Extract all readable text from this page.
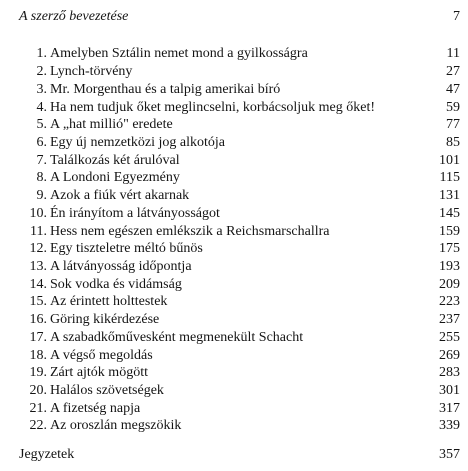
A szerző bevezetése	7
1. Amelyben Sztálin nemet mond a gyilkosságra	11
2. Lynch-törvény	27
3. Mr. Morgenthau és a talpig amerikai bíró	47
4. Ha nem tudjuk őket meglincselni, korbácsoljuk meg őket!	59
5. A „hat millió" eredete	77
6. Egy új nemzetközi jog alkotója	85
7. Találkozás két árulóval	101
8. A Londoni Egyezmény	115
9. Azok a fiúk vért akarnak	131
10. Én irányítom a látványosságot	145
11. Hess nem egészen emlékszik a Reichsmarschallra	159
12. Egy tiszteletre méltó bűnös	175
13. A látványosság időpontja	193
14. Sok vodka és vidámság	209
15. Az érintett holttestek	223
16. Göring kikérdezése	237
17. A szabadkőművesként megmenekült Schacht	255
18. A végső megoldás	269
19. Zárt ajtók mögött	283
20. Halálos szövetségek	301
21. A fizetség napja	317
22. Az oroszlán megszökik	339
Jegyzetek	357
